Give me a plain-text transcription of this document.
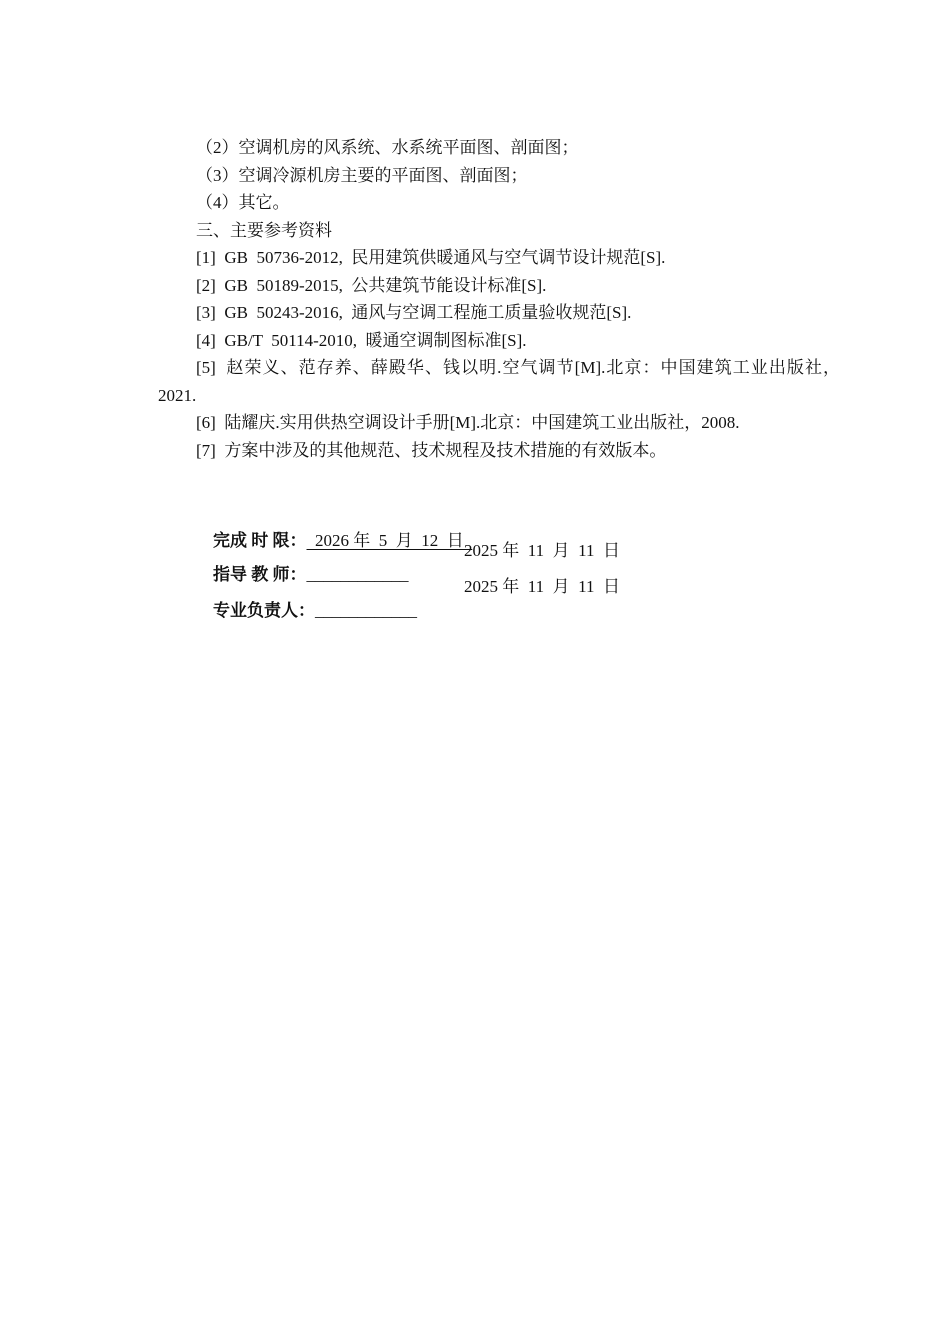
（2）空调机房的风系统、水系统平面图、剖面图；

（3）空调冷源机房主要的平面图、剖面图；

（4）其它。

三、主要参考资料

[1]  GB  50736-2012,  民用建筑供暖通风与空气调节设计规范[S].

[2]  GB  50189-2015,  公共建筑节能设计标准[S].

[3]  GB  50243-2016,  通风与空调工程施工质量验收规范[S].

[4]  GB/T  50114-2010,  暖通空调制图标准[S].

[5]  赵荣义、范存养、薛殿华、钱以明.空气调节[M].北京：中国建筑工业出版社，2021.

[6]  陆耀庆.实用供热空调设计手册[M].北京：中国建筑工业出版社，2008.

[7]  方案中涉及的其他规范、技术规程及技术措施的有效版本。

完成 时 限：  2026 年  5  月  12  日

指导 教 师：____________

2025 年  11  月  11  日

专业负责人：____________

2025 年  11  月  11  日
